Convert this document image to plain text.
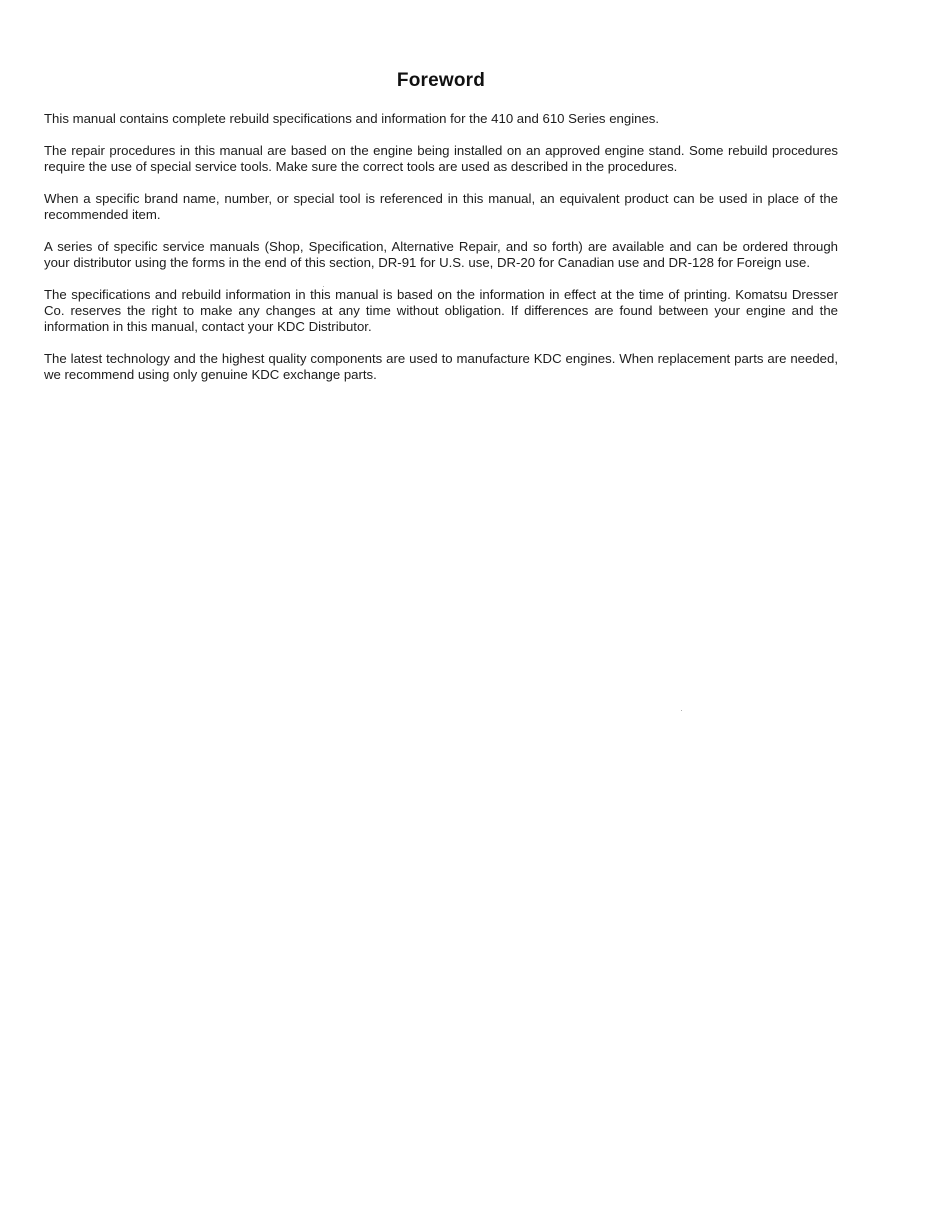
Foreword

This manual contains complete rebuild specifications and information for the 410 and 610 Series engines.

The repair procedures in this manual are based on the engine being installed on an approved engine stand. Some rebuild procedures require the use of special service tools. Make sure the correct tools are used as described in the procedures.

When a specific brand name, number, or special tool is referenced in this manual, an equivalent product can be used in place of the recommended item.

A series of specific service manuals (Shop, Specification, Alternative Repair, and so forth) are available and can be ordered through your distributor using the forms in the end of this section, DR-91 for U.S. use, DR-20 for Canadian use and DR-128 for Foreign use.

The specifications and rebuild information in this manual is based on the information in effect at the time of printing. Komatsu Dresser Co. reserves the right to make any changes at any time without obligation. If differences are found between your engine and the information in this manual, contact your KDC Distributor.

The latest technology and the highest quality components are used to manufacture KDC engines. When replacement parts are needed, we recommend using only genuine KDC exchange parts.
